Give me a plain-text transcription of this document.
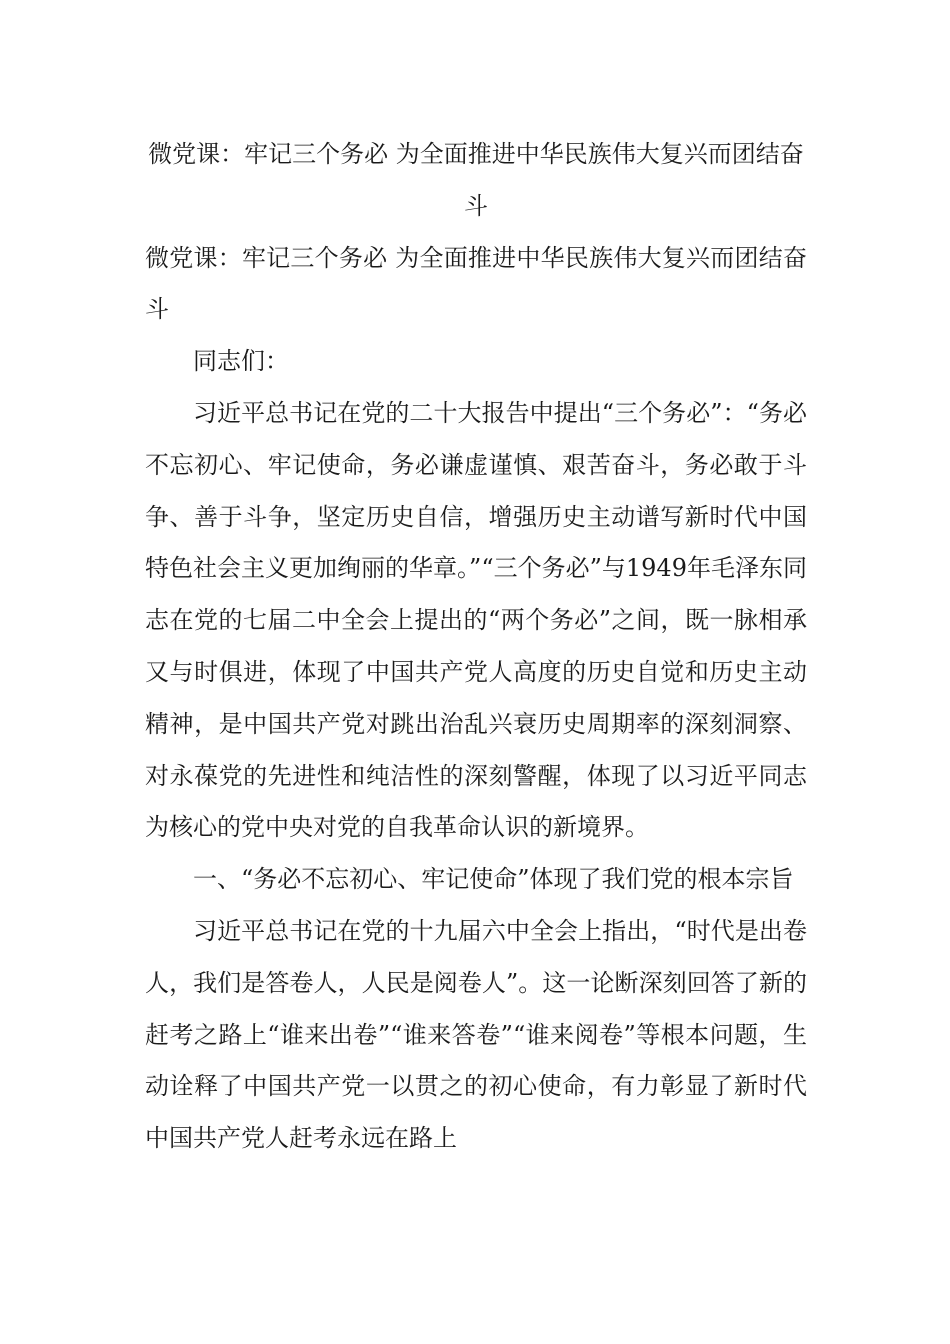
微党课：牢记三个务必 为全面推进中华民族伟大复兴而团结奋斗

微党课：牢记三个务必 为全面推进中华民族伟大复兴而团结奋斗

同志们：

习近平总书记在党的二十大报告中提出“三个务必”：“务必不忘初心、牢记使命，务必谦虚谨慎、艰苦奋斗，务必敢于斗争、善于斗争，坚定历史自信，增强历史主动谱写新时代中国特色社会主义更加绚丽的华章。”“三个务必”与1949年毛泽东同志在党的七届二中全会上提出的“两个务必”之间，既一脉相承又与时俱进，体现了中国共产党人高度的历史自觉和历史主动精神，是中国共产党对跳出治乱兴衰历史周期率的深刻洞察、对永葆党的先进性和纯洁性的深刻警醒，体现了以习近平同志为核心的党中央对党的自我革命认识的新境界。

一、“务必不忘初心、牢记使命”体现了我们党的根本宗旨

习近平总书记在党的十九届六中全会上指出，“时代是出卷人，我们是答卷人，人民是阅卷人”。这一论断深刻回答了新的赶考之路上“谁来出卷”“谁来答卷”“谁来阅卷”等根本问题，生动诠释了中国共产党一以贯之的初心使命，有力彰显了新时代中国共产党人赶考永远在路上
